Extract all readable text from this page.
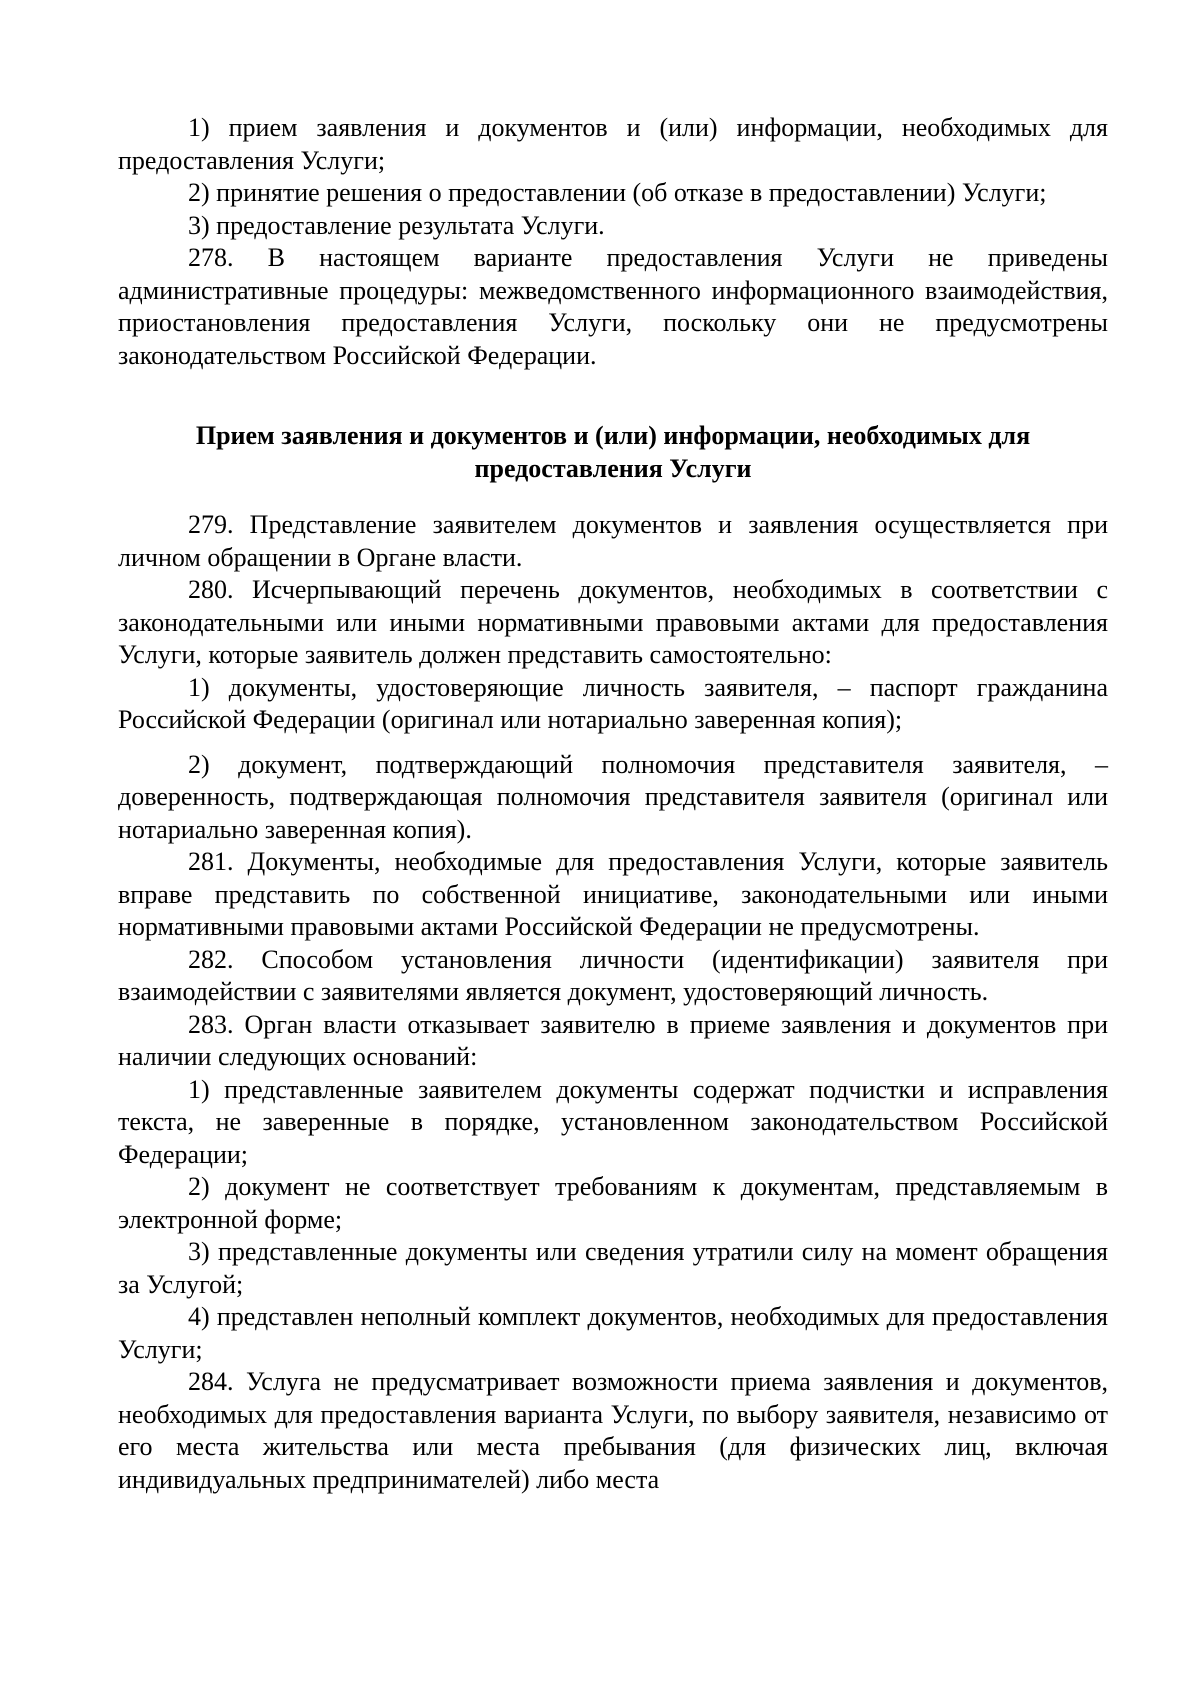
1) прием заявления и документов и (или) информации, необходимых для предоставления Услуги;

2) принятие решения о предоставлении (об отказе в предоставлении) Услуги;

3) предоставление результата Услуги.

278. В настоящем варианте предоставления Услуги не приведены административные процедуры: межведомственного информационного взаимодействия, приостановления предоставления Услуги, поскольку они не предусмотрены законодательством Российской Федерации.

Прием заявления и документов и (или) информации, необходимых для
предоставления Услуги

279. Представление заявителем документов и заявления осуществляется при личном обращении в Органе власти.

280. Исчерпывающий перечень документов, необходимых в соответствии с законодательными или иными нормативными правовыми актами для предоставления Услуги, которые заявитель должен представить самостоятельно:

1) документы, удостоверяющие личность заявителя, – паспорт гражданина Российской Федерации (оригинал или нотариально заверенная копия);

2) документ, подтверждающий полномочия представителя заявителя, – доверенность, подтверждающая полномочия представителя заявителя (оригинал или нотариально заверенная копия).

281. Документы, необходимые для предоставления Услуги, которые заявитель вправе представить по собственной инициативе, законодательными или иными нормативными правовыми актами Российской Федерации не предусмотрены.

282. Способом установления личности (идентификации) заявителя при взаимодействии с заявителями является документ, удостоверяющий личность.

283. Орган власти отказывает заявителю в приеме заявления и документов при наличии следующих оснований:

1) представленные заявителем документы содержат подчистки и исправления текста, не заверенные в порядке, установленном законодательством Российской Федерации;

2) документ не соответствует требованиям к документам, представляемым в электронной форме;

3) представленные документы или сведения утратили силу на момент обращения за Услугой;

4) представлен неполный комплект документов, необходимых для предоставления Услуги;

284. Услуга не предусматривает возможности приема заявления и документов, необходимых для предоставления варианта Услуги, по выбору заявителя, независимо от его места жительства или места пребывания (для физических лиц, включая индивидуальных предпринимателей) либо места
